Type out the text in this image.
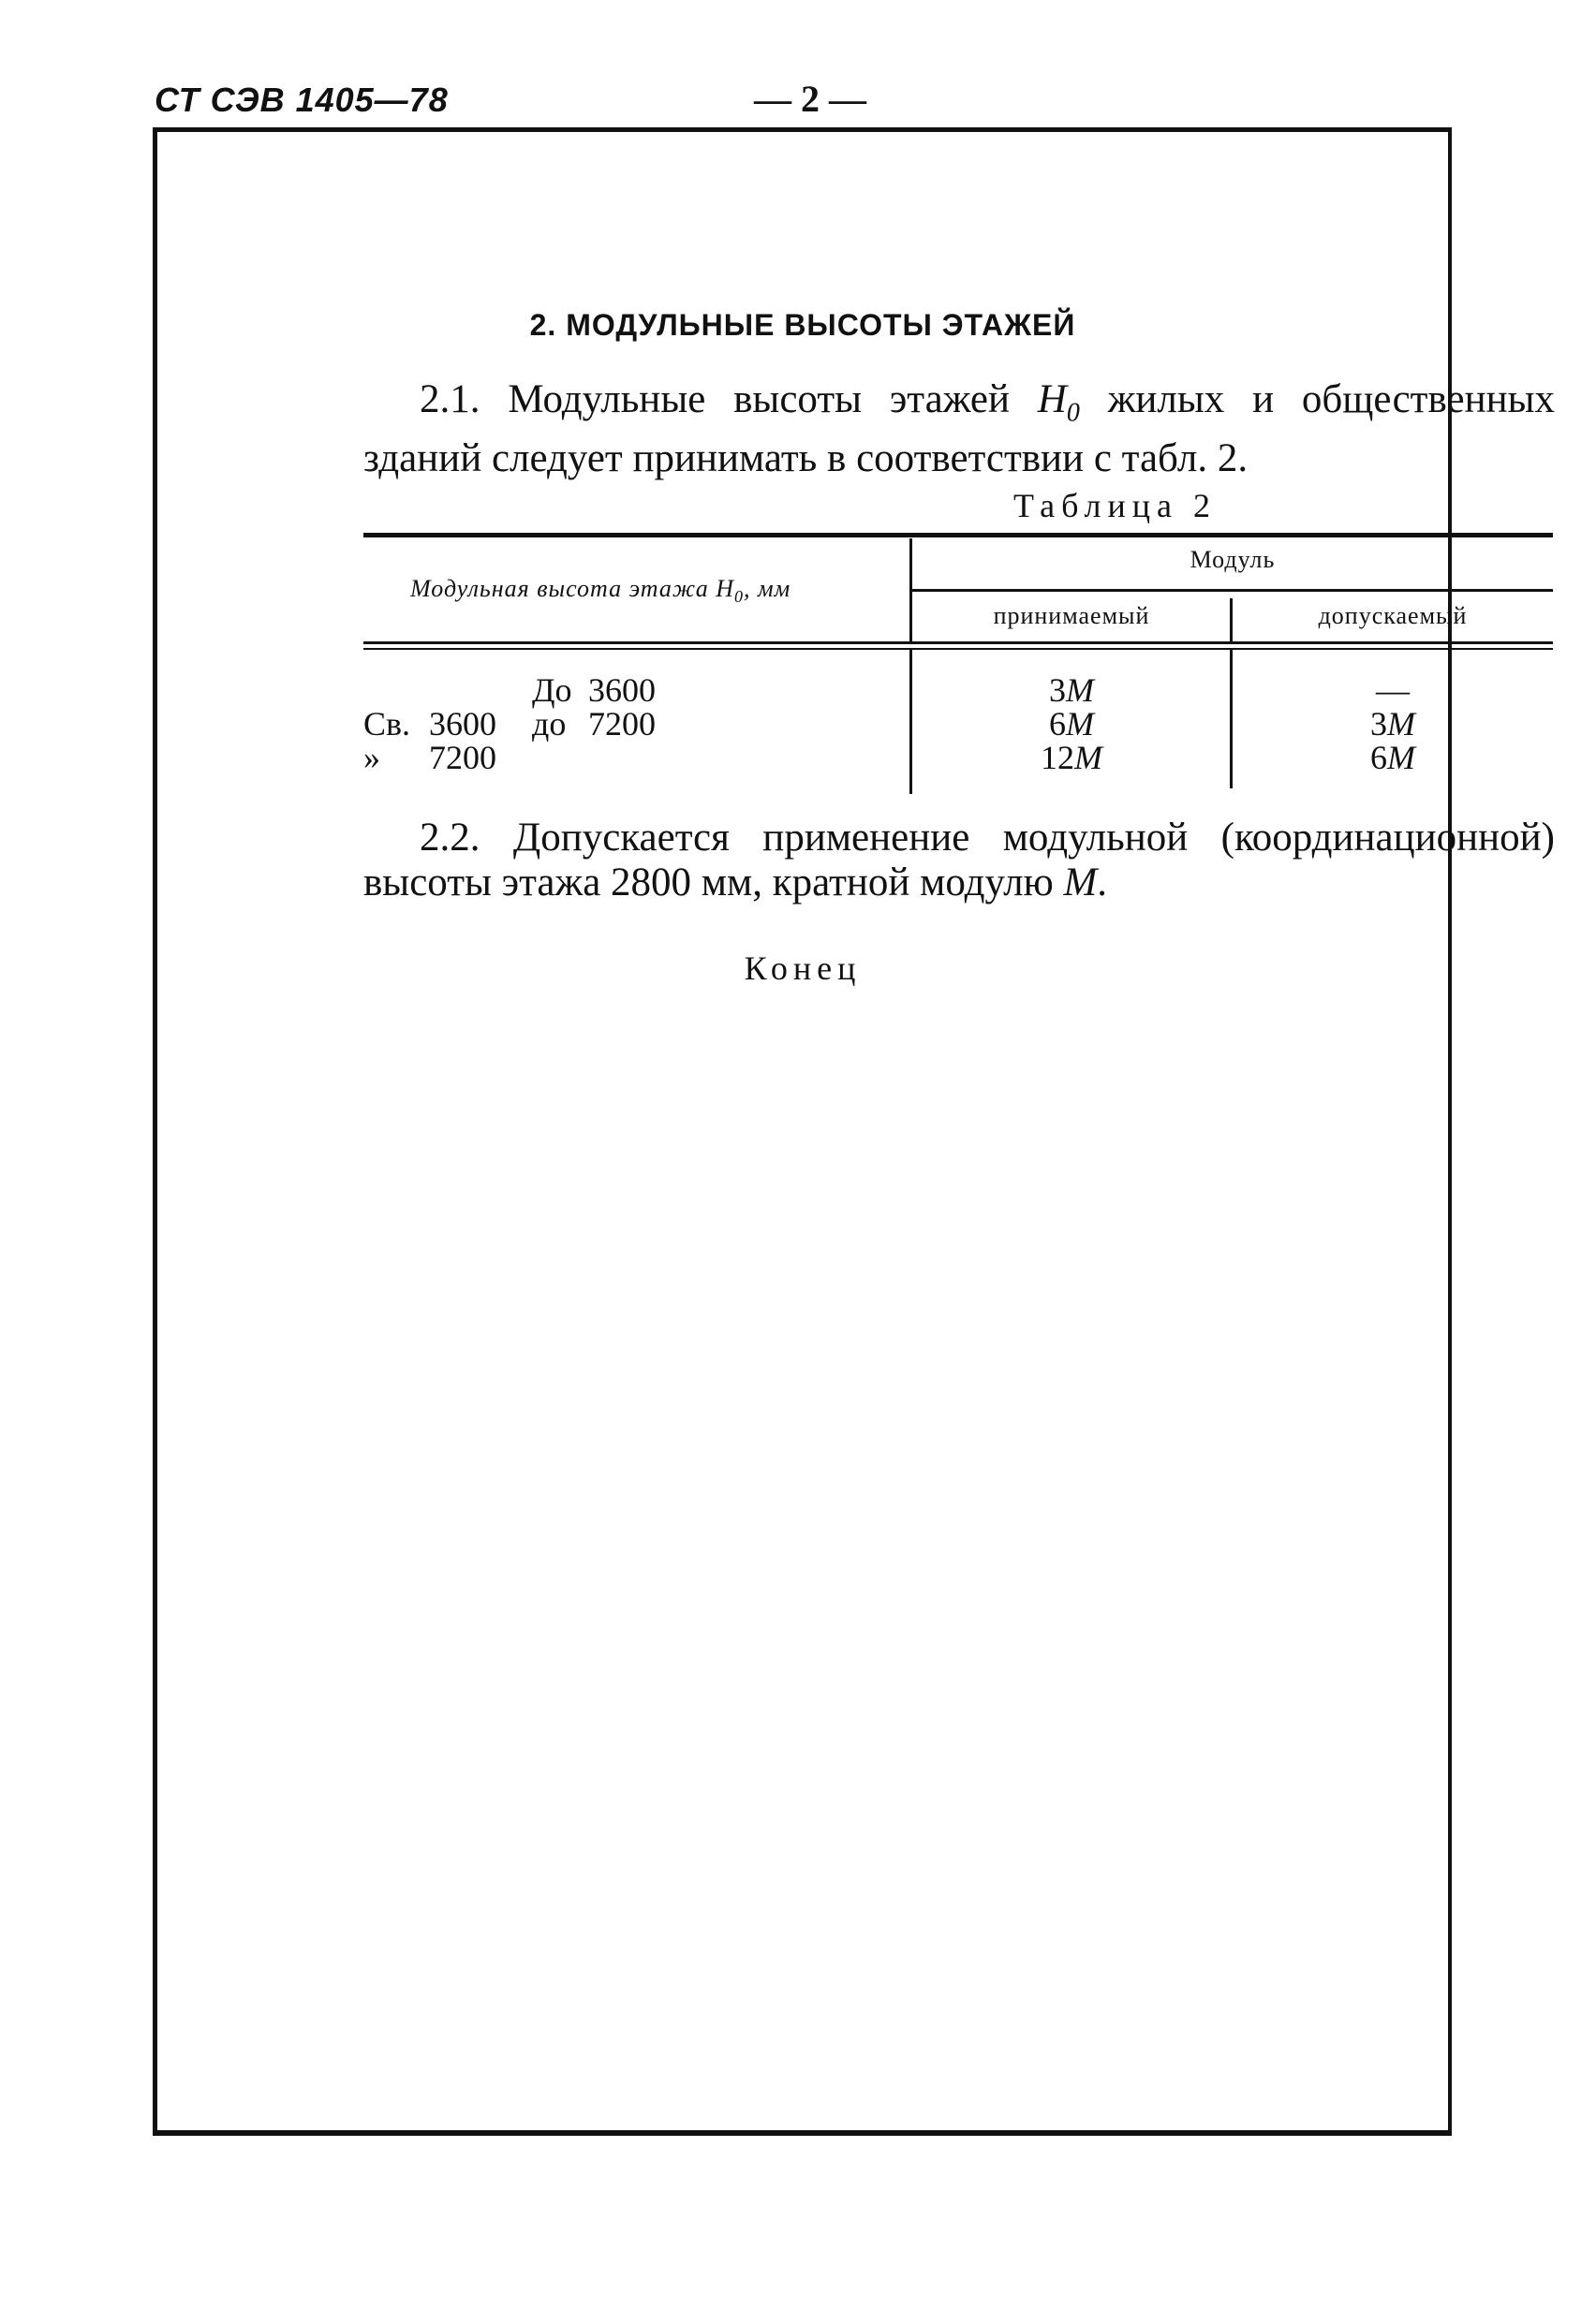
СТ СЭВ 1405—78	— 2 —
2. МОДУЛЬНЫЕ ВЫСОТЫ ЭТАЖЕЙ
2.1. Модульные высоты этажей $H_0$ жилых и общественных зданий следует принимать в соответствии с табл. 2.
Таблица 2
Модульная высота этажа $H_0$, мм
Модуль
принимаемый	допускаемый
До 3600	3M	—
Св. 3600 до 7200	6M	3M
» 7200	12M	6M
2.2. Допускается применение модульной (координационной) высоты этажа 2800 мм, кратной модулю M.
Конец
